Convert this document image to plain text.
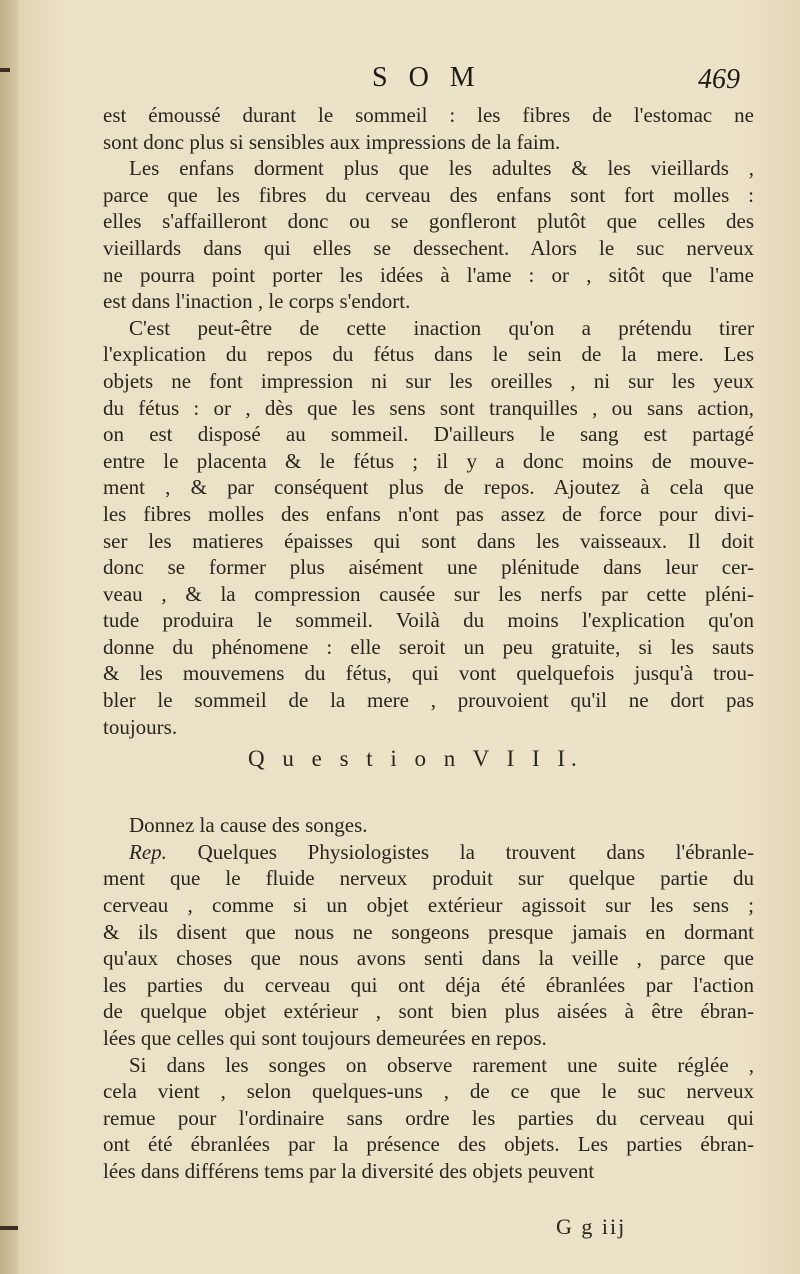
S O M	469
est émoussé durant le sommeil : les fibres de l'estomac ne
sont donc plus si sensibles aux impressions de la faim.
Les enfans dorment plus que les adultes & les vieillards ,
parce que les fibres du cerveau des enfans sont fort molles :
elles s'affailleront donc ou se gonfleront plutôt que celles des
vieillards dans qui elles se dessechent. Alors le suc nerveux
ne pourra point porter les idées à l'ame : or , sitôt que l'ame
est dans l'inaction , le corps s'endort.
C'est peut-être de cette inaction qu'on a prétendu tirer
l'explication du repos du fétus dans le sein de la mere. Les
objets ne font impression ni sur les oreilles , ni sur les yeux
du fétus : or , dès que les sens sont tranquilles , ou sans action,
on est disposé au sommeil. D'ailleurs le sang est partagé
entre le placenta & le fétus ; il y a donc moins de mouve-
ment , & par conséquent plus de repos. Ajoutez à cela que
les fibres molles des enfans n'ont pas assez de force pour divi-
ser les matieres épaisses qui sont dans les vaisseaux. Il doit
donc se former plus aisément une plénitude dans leur cer-
veau , & la compression causée sur les nerfs par cette pléni-
tude produira le sommeil. Voilà du moins l'explication qu'on
donne du phénomene : elle seroit un peu gratuite, si les sauts
& les mouvemens du fétus, qui vont quelquefois jusqu'à trou-
bler le sommeil de la mere , prouvoient qu'il ne dort pas
toujours.
Q u e s t i o n V I I I.
Donnez la cause des songes.
Rep. Quelques Physiologistes la trouvent dans l'ébranle-
ment que le fluide nerveux produit sur quelque partie du
cerveau , comme si un objet extérieur agissoit sur les sens ;
& ils disent que nous ne songeons presque jamais en dormant
qu'aux choses que nous avons senti dans la veille , parce que
les parties du cerveau qui ont déja été ébranlées par l'action
de quelque objet extérieur , sont bien plus aisées à être ébran-
lées que celles qui sont toujours demeurées en repos.
Si dans les songes on observe rarement une suite réglée ,
cela vient , selon quelques-uns , de ce que le suc nerveux
remue pour l'ordinaire sans ordre les parties du cerveau qui
ont été ébranlées par la présence des objets. Les parties ébran-
lées dans différens tems par la diversité des objets peuvent
G g iij
